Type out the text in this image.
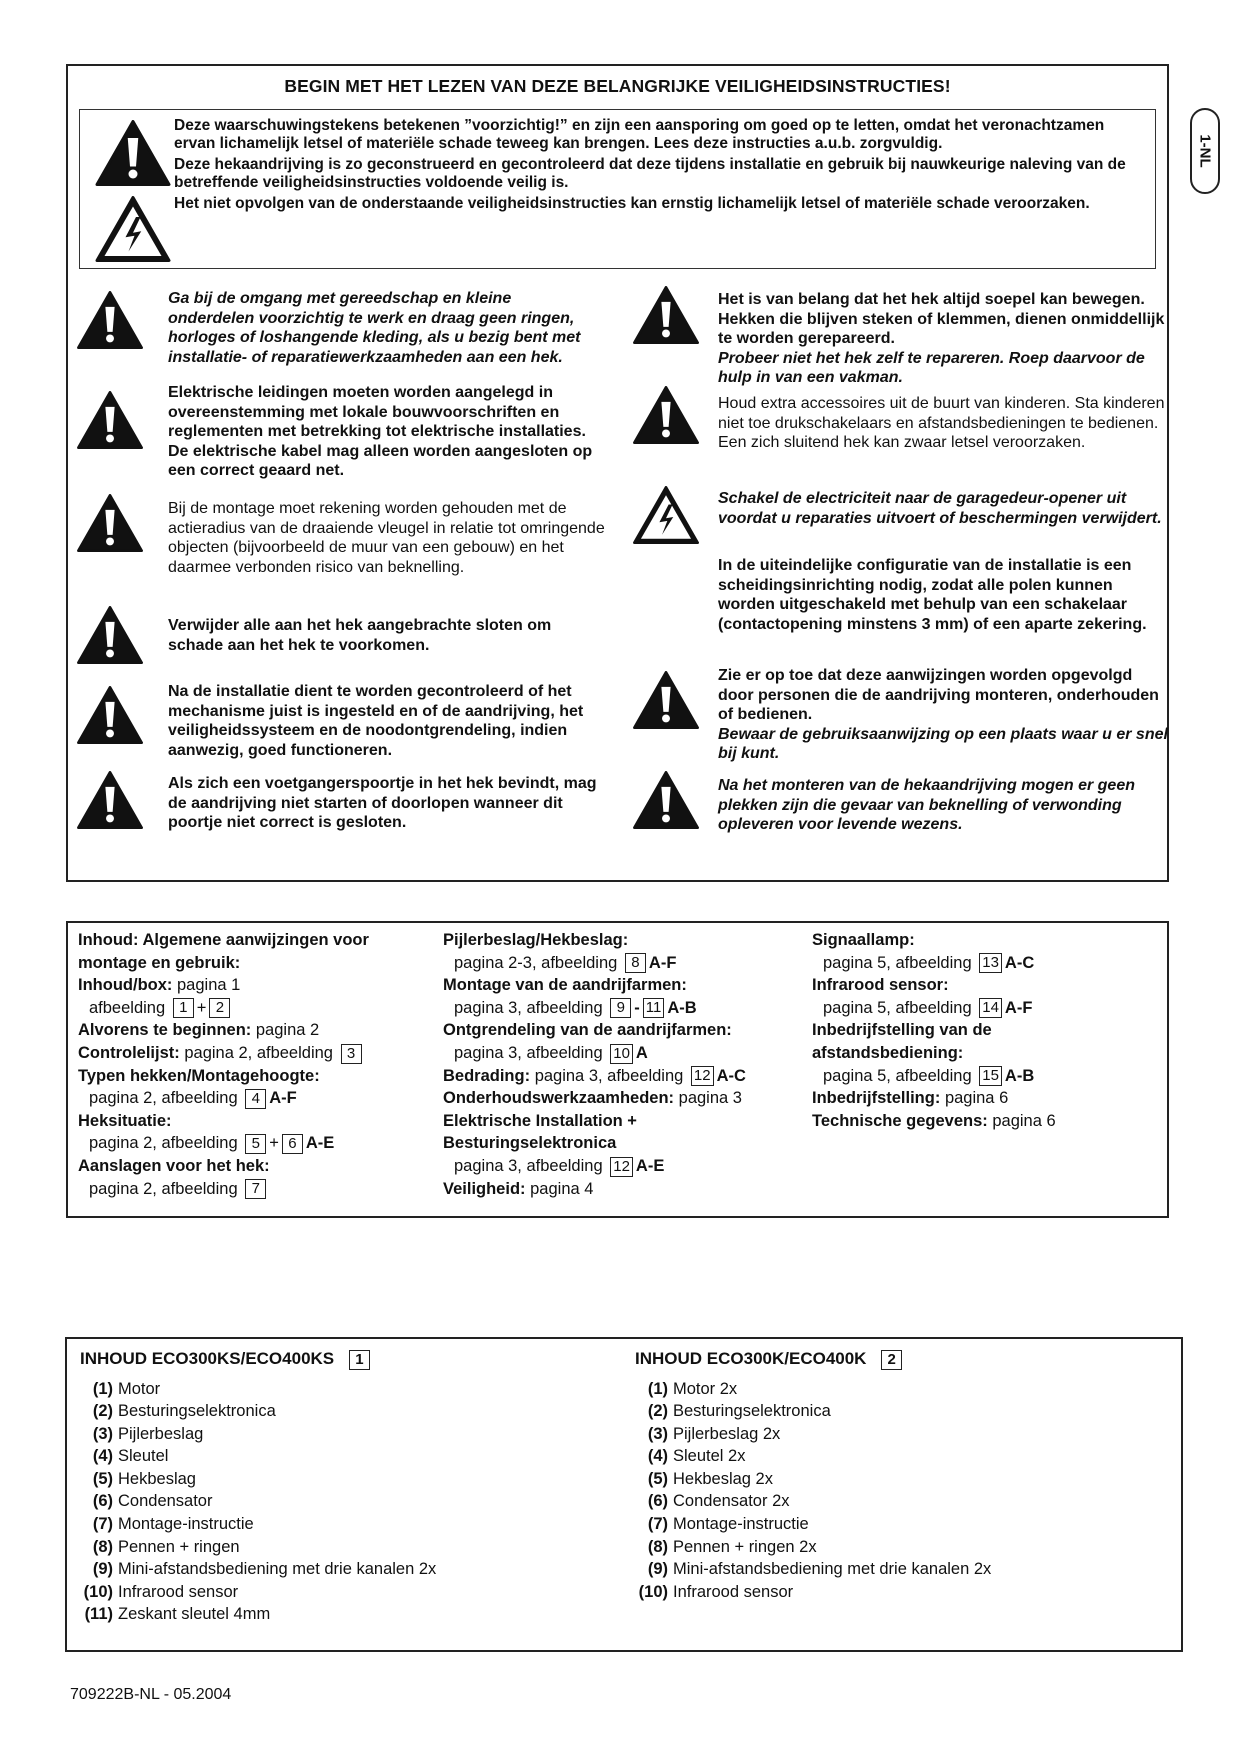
BEGIN MET HET LEZEN VAN DEZE BELANGRIJKE VEILIGHEIDSINSTRUCTIES!

Deze waarschuwingstekens betekenen ”voorzichtig!” en zijn een aansporing om goed op te letten, omdat het veronachtzamen ervan lichamelijk letsel of materiële schade teweeg kan brengen. Lees deze instructies a.u.b. zorgvuldig.

Deze hekaandrijving is zo geconstrueerd en gecontroleerd dat deze tijdens installatie en gebruik bij nauwkeurige naleving van de betreffende veiligheidsinstructies voldoende veilig is.

Het niet opvolgen van de onderstaande veiligheidsinstructies kan ernstig lichamelijk letsel of materiële schade veroorzaken.

Ga bij de omgang met gereedschap en kleine onderdelen voorzichtig te werk en draag geen ringen, horloges of loshangende kleding, als u bezig bent met installatie- of reparatiewerkzaamheden aan een hek.
Elektrische leidingen moeten worden aangelegd in overeenstemming met lokale bouwvoorschriften en reglementen met betrekking tot elektrische installaties. De elektrische kabel mag alleen worden aangesloten op een correct geaard net.
Bij de montage moet rekening worden gehouden met de actieradius van de draaiende vleugel in relatie tot omringende objecten (bijvoorbeeld de muur van een gebouw) en het daarmee verbonden risico van beknelling.
Verwijder alle aan het hek aangebrachte sloten om schade aan het hek te voorkomen.
Na de installatie dient te worden gecontroleerd of het mechanisme juist is ingesteld en of de aandrijving, het veiligheidssysteem en de noodontgrendeling, indien aanwezig, goed functioneren.
Als zich een voetgangerspoortje in het hek bevindt, mag de aandrijving niet starten of doorlopen wanneer dit poortje niet correct is gesloten.

Het is van belang dat het hek altijd soepel kan bewegen. Hekken die blijven steken of klemmen, dienen onmiddellijk te worden gerepareerd.

Probeer niet het hek zelf te repareren. Roep daarvoor de hulp in van een vakman.

Houd extra accessoires uit de buurt van kinderen. Sta kinderen niet toe drukschakelaars en afstandsbedieningen te bedienen. Een zich sluitend hek kan zwaar letsel veroorzaken.
Schakel de electriciteit naar de garagedeur-opener uit voordat u reparaties uitvoert of beschermingen verwijdert.
In de uiteindelijke configuratie van de installatie is een scheidingsinrichting nodig, zodat alle polen kunnen worden uitgeschakeld met behulp van een schakelaar (contactopening minstens 3 mm) of een aparte zekering.

Zie er op toe dat deze aanwijzingen worden opgevolgd door personen die de aandrijving monteren, onderhouden of bedienen.

Bewaar de gebruiksaanwijzing op een plaats waar u er snel bij kunt.

Na het monteren van de hekaandrijving mogen er geen plekken zijn die gevaar van beknelling of verwonding opleveren voor levende wezens.
1-NL
Inhoud: Algemene aanwijzingen voor
montage en gebruik:
Inhoud/box: pagina 1
afbeelding 1 + 2
Alvorens te beginnen: pagina 2
Controlelijst: pagina 2, afbeelding 3
Typen hekken/Montagehoogte:
pagina 2, afbeelding 4 A-F
Heksituatie:
pagina 2, afbeelding 5 + 6 A-E
Aanslagen voor het hek:
pagina 2, afbeelding 7
Pijlerbeslag/Hekbeslag:
pagina 2-3, afbeelding 8 A-F
Montage van de aandrijfarmen:
pagina 3, afbeelding 9 - 11 A-B
Ontgrendeling van de aandrijfarmen:
pagina 3, afbeelding 10 A
Bedrading: pagina 3, afbeelding 12 A-C
Onderhoudswerkzaamheden: pagina 3
Elektrische Installation +
Besturingselektronica
pagina 3, afbeelding 12 A-E
Veiligheid: pagina 4
Signaallamp:
pagina 5, afbeelding 13 A-C
Infrarood sensor:
pagina 5, afbeelding 14 A-F
Inbedrijfstelling van de
afstandsbediening:
pagina 5, afbeelding 15 A-B
Inbedrijfstelling: pagina 6
Technische gegevens: pagina 6
INHOUD ECO300KS/ECO400KS 1
(1) Motor
(2) Besturingselektronica
(3) Pijlerbeslag
(4) Sleutel
(5) Hekbeslag
(6) Condensator
(7) Montage-instructie
(8) Pennen + ringen
(9) Mini-afstandsbediening met drie kanalen 2x
(10) Infrarood sensor
(11) Zeskant sleutel 4mm
INHOUD ECO300K/ECO400K 2
(1) Motor 2x
(2) Besturingselektronica
(3) Pijlerbeslag 2x
(4) Sleutel 2x
(5) Hekbeslag 2x
(6) Condensator 2x
(7) Montage-instructie
(8) Pennen + ringen 2x
(9) Mini-afstandsbediening met drie kanalen 2x
(10) Infrarood sensor
709222B-NL - 05.2004
